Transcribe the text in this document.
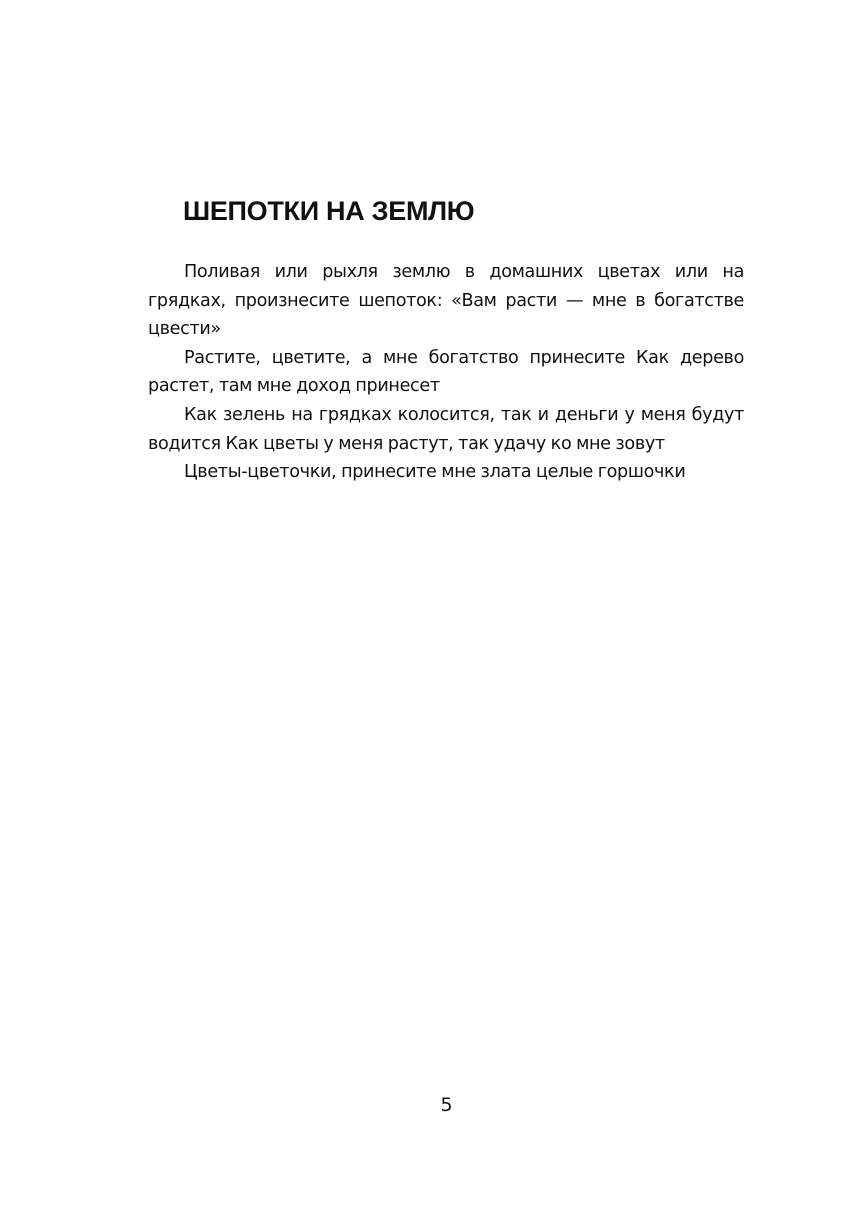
ШЕПОТКИ НА ЗЕМЛЮ

Поливая или рыхля землю в домашних цветах или на грядках, произнесите шепоток: «Вам расти — мне в богатстве цвести»

Растите, цветите, а мне богатство принесите Как дерево растет, там мне доход принесет

Как зелень на грядках колосится, так и деньги у меня будут водится Как цветы у меня растут, так удачу ко мне зовут

Цветы-цветочки, принесите мне злата целые горшочки

5
